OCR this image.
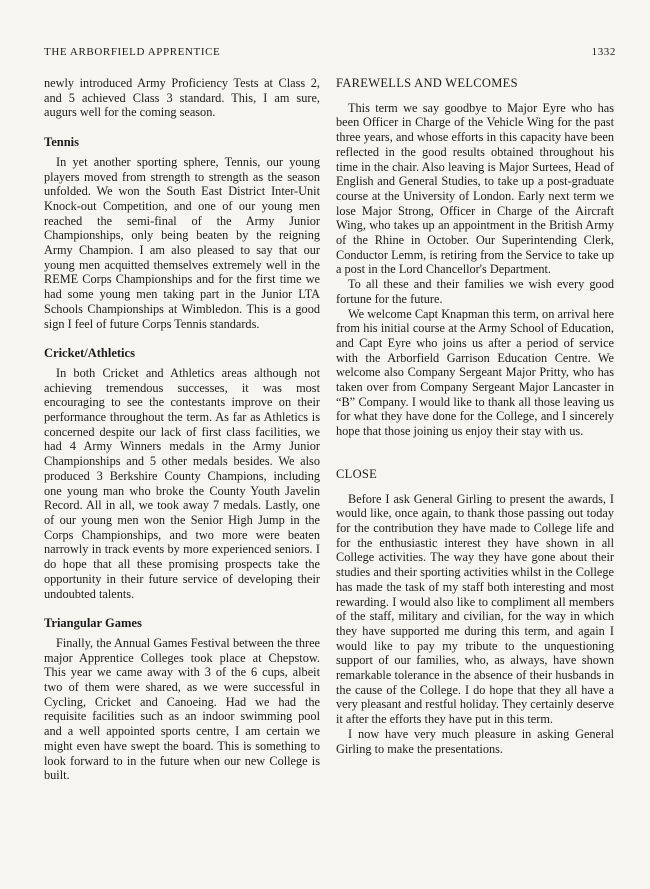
THE ARBORFIELD APPRENTICE	1332

newly introduced Army Proficiency Tests at Class 2, and 5 achieved Class 3 standard. This, I am sure, augurs well for the coming season.

Tennis

In yet another sporting sphere, Tennis, our young players moved from strength to strength as the season unfolded. We won the South East District Inter-Unit Knock-out Competition, and one of our young men reached the semi-final of the Army Junior Championships, only being beaten by the reigning Army Champion. I am also pleased to say that our young men acquitted themselves extremely well in the REME Corps Championships and for the first time we had some young men taking part in the Junior LTA Schools Championships at Wimbledon. This is a good sign I feel of future Corps Tennis standards.

Cricket/Athletics

In both Cricket and Athletics areas although not achieving tremendous successes, it was most encouraging to see the contestants improve on their performance throughout the term. As far as Athletics is concerned despite our lack of first class facilities, we had 4 Army Winners medals in the Army Junior Championships and 5 other medals besides. We also produced 3 Berkshire County Champions, including one young man who broke the County Youth Javelin Record. All in all, we took away 7 medals. Lastly, one of our young men won the Senior High Jump in the Corps Championships, and two more were beaten narrowly in track events by more experienced seniors. I do hope that all these promising prospects take the opportunity in their future service of developing their undoubted talents.

Triangular Games

Finally, the Annual Games Festival between the three major Apprentice Colleges took place at Chepstow. This year we came away with 3 of the 6 cups, albeit two of them were shared, as we were successful in Cycling, Cricket and Canoeing. Had we had the requisite facilities such as an indoor swimming pool and a well appointed sports centre, I am certain we might even have swept the board. This is something to look forward to in the future when our new College is built.

FAREWELLS AND WELCOMES

This term we say goodbye to Major Eyre who has been Officer in Charge of the Vehicle Wing for the past three years, and whose efforts in this capacity have been reflected in the good results obtained throughout his time in the chair. Also leaving is Major Surtees, Head of English and General Studies, to take up a post-graduate course at the University of London. Early next term we lose Major Strong, Officer in Charge of the Aircraft Wing, who takes up an appointment in the British Army of the Rhine in October. Our Superintending Clerk, Conductor Lemm, is retiring from the Service to take up a post in the Lord Chancellor's Department.

To all these and their families we wish every good fortune for the future.

We welcome Capt Knapman this term, on arrival here from his initial course at the Army School of Education, and Capt Eyre who joins us after a period of service with the Arborfield Garrison Education Centre. We welcome also Company Sergeant Major Pritty, who has taken over from Company Sergeant Major Lancaster in “B” Company. I would like to thank all those leaving us for what they have done for the College, and I sincerely hope that those joining us enjoy their stay with us.

CLOSE

Before I ask General Girling to present the awards, I would like, once again, to thank those passing out today for the contribution they have made to College life and for the enthusiastic interest they have shown in all College activities. The way they have gone about their studies and their sporting activities whilst in the College has made the task of my staff both interesting and most rewarding. I would also like to compliment all members of the staff, military and civilian, for the way in which they have supported me during this term, and again I would like to pay my tribute to the unquestioning support of our families, who, as always, have shown remarkable tolerance in the absence of their husbands in the cause of the College. I do hope that they all have a very pleasant and restful holiday. They certainly deserve it after the efforts they have put in this term.

I now have very much pleasure in asking General Girling to make the presentations.
